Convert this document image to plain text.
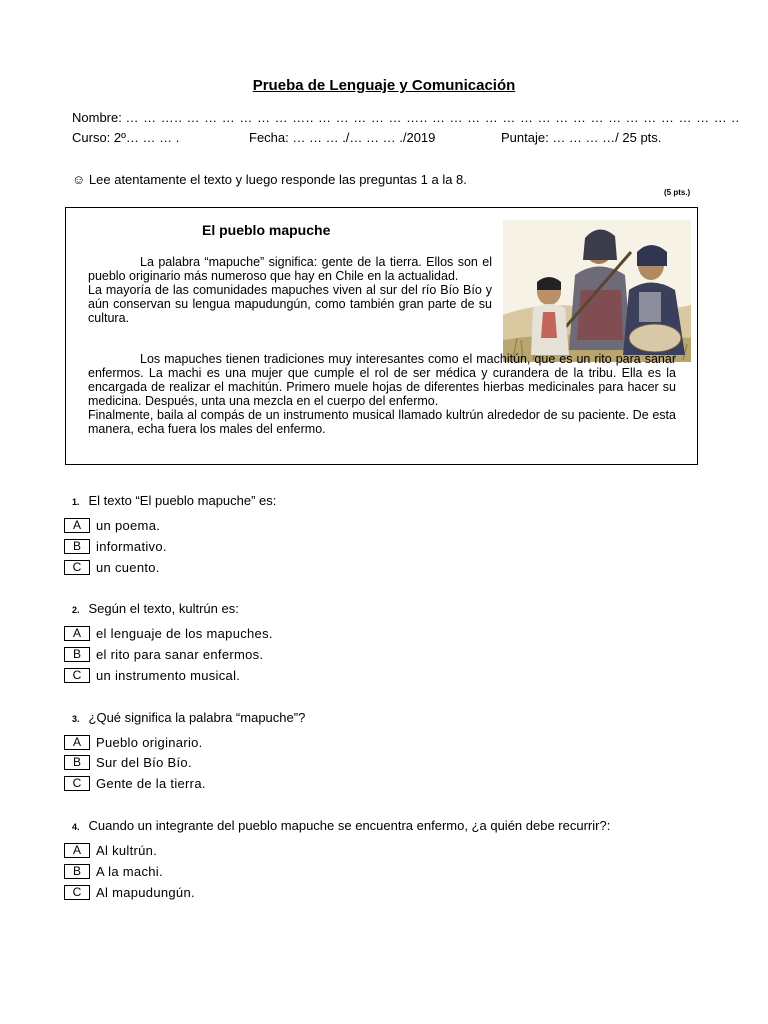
Prueba de Lenguaje y Comunicación
Nombre: … … ….. … … … … … … ….. … … … … … ….. … … … … … … … … … … … … … … … … … ..
Curso: 2º… … … .	Fecha: … … … ./… … … ./2019	Puntaje: … … … …/ 25 pts.
☺ Lee atentamente el texto y luego responde las preguntas 1 a la 8.
(5 pts.)
El pueblo mapuche
La palabra “mapuche” significa: gente de la tierra. Ellos son el pueblo originario más numeroso que hay en Chile en la actualidad.
La mayoría de las comunidades mapuches viven al sur del río Bío Bío y aún conservan su lengua mapudungún, como también gran parte de su cultura.
Los mapuches tienen tradiciones muy interesantes como el machitún, que es un rito para sanar enfermos. La machi es una mujer que cumple el rol de ser médica y curandera de la tribu. Ella es la encargada de realizar el machitún. Primero muele hojas de diferentes hierbas medicinales para hacer su medicina. Después, unta una mezcla en el cuerpo del enfermo.
Finalmente, baila al compás de un instrumento musical llamado kultrún alrededor de su paciente. De esta manera, echa fuera los males del enfermo.
1. El texto “El pueblo mapuche” es:
A un poema.
B informativo.
C un cuento.
2. Según el texto, kultrún es:
A el lenguaje de los mapuches.
B el rito para sanar enfermos.
C un instrumento musical.
3. ¿Qué significa la palabra “mapuche”?
A Pueblo originario.
B Sur del Bío Bío.
C Gente de la tierra.
4. Cuando un integrante del pueblo mapuche se encuentra enfermo, ¿a quién debe recurrir?:
A Al kultrún.
B A la machi.
C Al mapudungún.
